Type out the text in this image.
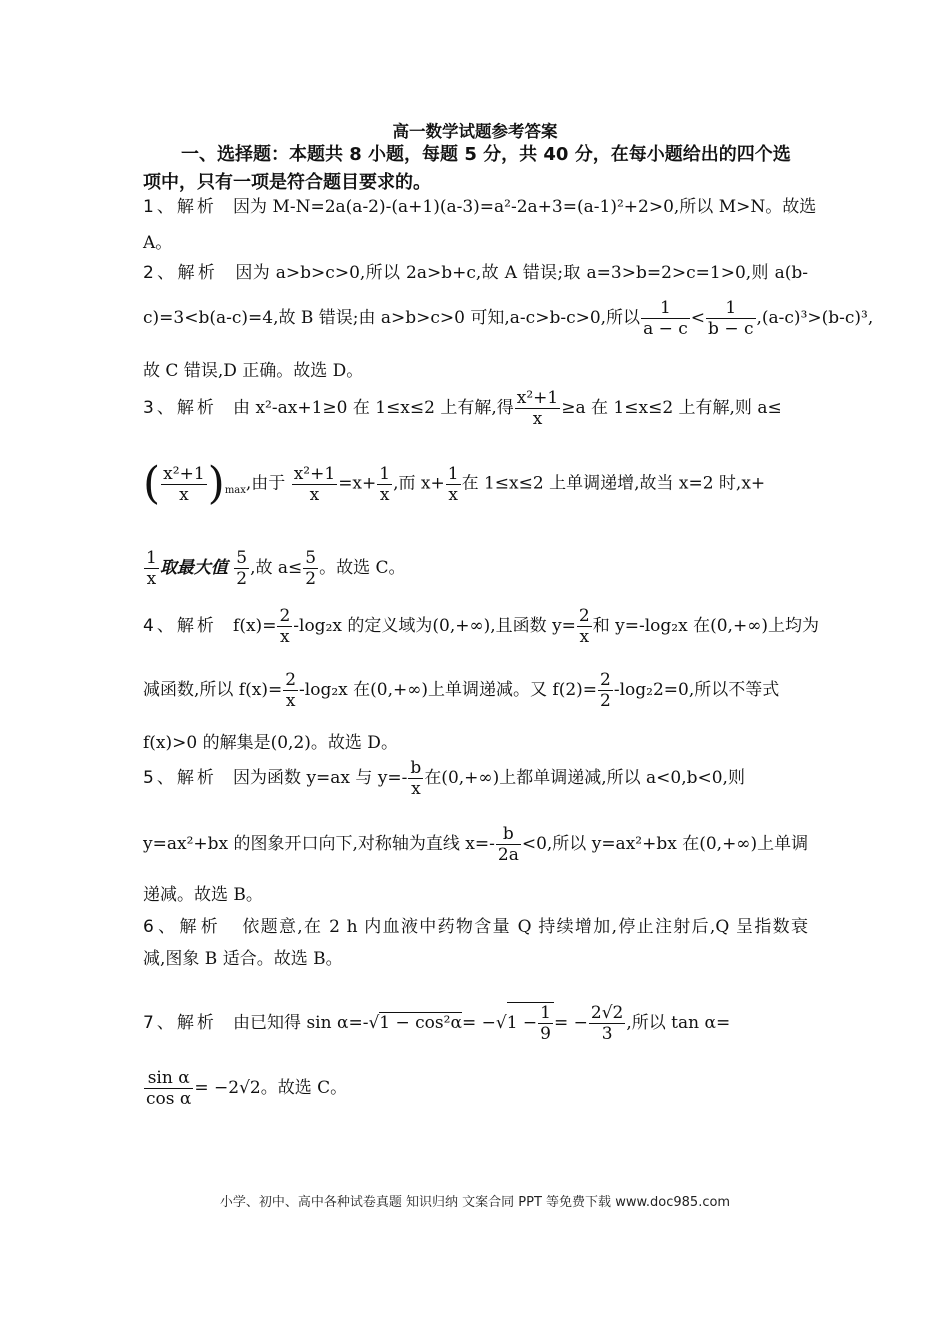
高一数学试题参考答案
一、选择题：本题共 8 小题，每题 5 分，共 40 分，在每小题给出的四个选项中，只有一项是符合题目要求的。
1、解析 因为 M-N=2a(a-2)-(a+1)(a-3)=a²-2a+3=(a-1)²+2>0,所以 M>N。故选
A。
2、解析 因为 a>b>c>0,所以 2a>b+c,故 A 错误;取 a=3>b=2>c=1>0,则 a(b-
c)=3<b(a-c)=4,故 B 错误;由 a>b>c>0 可知,a-c>b-c>0,所以 $\frac{1}{a - c} < \frac{1}{b - c} ,(a-c)^3>(b-c)^3$,
故 C 错误,D 正确。故选 D。
3、解析 由 x²-ax+1≥0 在 1≤x≤2 上有解,得 $\frac{\text{x²+1}}{x} \ge a$ 在 1≤x≤2 上有解,则 a≤
( $\frac{\text{x²+1}}{x} )_{max}$,由于 $\frac{\text{x²+1}}{x} =x+ \frac{1}{x}$ ,而 $x+ \frac{1}{x}$ 在 1≤x≤2 上单调递增,故当 x=2 时,x+
$\frac{1}{x}$ 取最大值 $\frac{5}{2}$ ,故 $a\le \frac{5}{2}$ 。故选 C。
4、解析 $f(x)= \frac{2}{x} -\log_2x$ 的定义域为(0,+∞),且函数 $y= \frac{2}{x}$ 和 y=-log₂x 在(0,+∞)上均为
减函数,所以 $f(x)= \frac{2}{x} -\log_2x$ 在(0,+∞)上单调递减。又 $f(2)= \frac{2}{2} -\log_22=0$,所以不等式
f(x)>0 的解集是(0,2)。故选 D。
5、解析 因为函数 y=ax 与 $y=- \frac{b}{x}$ 在(0,+∞)上都单调递减,所以 a<0,b<0,则
y=ax²+bx 的图象开口向下,对称轴为直线 $x=- \frac{b}{2a} <0$,所以 y=ax²+bx 在(0,+∞)上单调
递减。故选 B。
6、解析 依题意,在 2 h 内血液中药物含量 Q 持续增加,停止注射后,Q 呈指数衰
减,图象 B 适合。故选 B。
7、解析 由已知得 $\sin \alpha=-√1 - \cos^2\alpha= -√1 - \frac{1}{9}$ = − $\frac{2√2}{3}$ ,所以 tan α=
$\frac{\text{sin α}}{\text{cos α}} = -2√2$。故选 C。
小学、初中、高中各种试卷真题 知识归纳 文案合同 PPT 等免费下载 www.doc985.com
